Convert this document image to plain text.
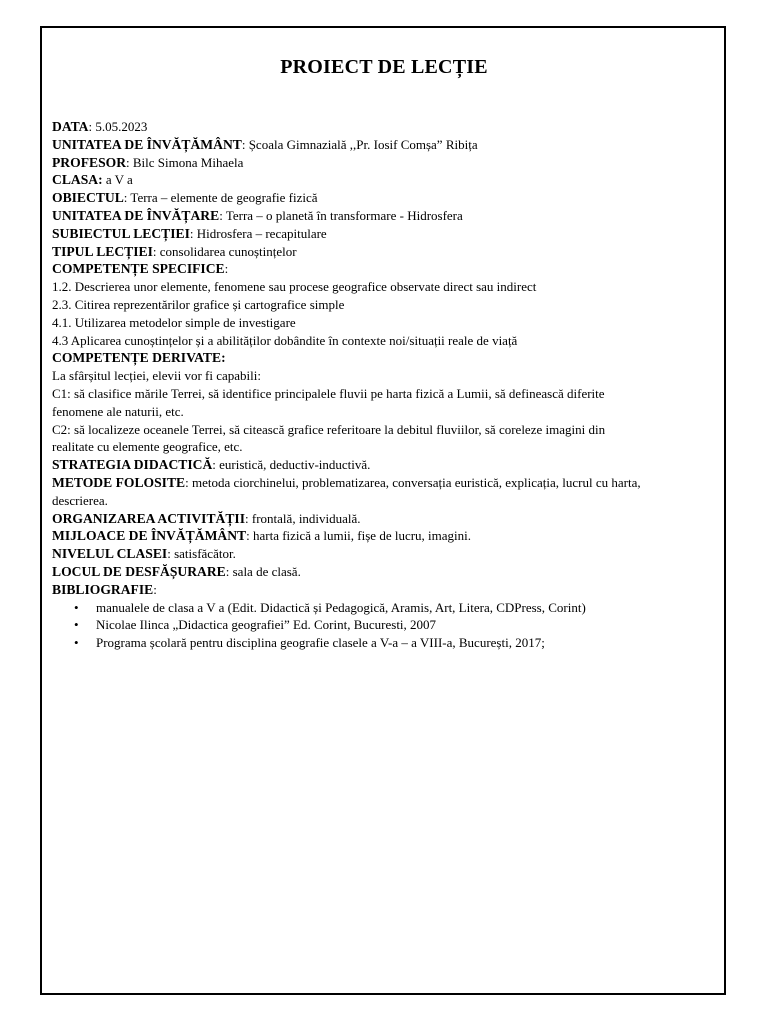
PROIECT DE LECȚIE
DATA: 5.05.2023
UNITATEA DE ÎNVĂȚĂMÂNT: Școala Gimnazială ,,Pr. Iosif Comșa” Ribița
PROFESOR: Bilc Simona Mihaela
CLASA: a V a
OBIECTUL: Terra – elemente de geografie fizică
UNITATEA DE ÎNVĂȚARE: Terra – o planetă în transformare - Hidrosfera
SUBIECTUL LECȚIEI: Hidrosfera – recapitulare
TIPUL LECȚIEI: consolidarea cunoștințelor
COMPETENȚE SPECIFICE:
1.2. Descrierea unor elemente, fenomene sau procese geografice observate direct sau indirect
2.3. Citirea reprezentărilor grafice și cartografice simple
4.1. Utilizarea metodelor simple de investigare
4.3 Aplicarea cunoștințelor și a abilităților dobândite în contexte noi/situații reale de viață
COMPETENȚE DERIVATE:
La sfârșitul lecției, elevii vor fi capabili:
C1: să clasifice mările Terrei, să identifice principalele fluvii pe harta fizică a Lumii, să definească diferite
fenomene ale naturii, etc.
C2: să localizeze oceanele Terrei, să citească grafice referitoare la debitul fluviilor, să coreleze imagini din
realitate cu elemente geografice, etc.
STRATEGIA DIDACTICĂ: euristică, deductiv-inductivă.
METODE FOLOSITE: metoda ciorchinelui, problematizarea, conversația euristică, explicația, lucrul cu harta,
descrierea.
ORGANIZAREA ACTIVITĂȚII: frontală, individuală.
MIJLOACE DE ÎNVĂȚĂMÂNT: harta fizică a lumii, fișe de lucru, imagini.
NIVELUL CLASEI: satisfăcător.
LOCUL DE DESFĂȘURARE: sala de clasă.
BIBLIOGRAFIE:
• manualele de clasa a V a (Edit. Didactică și Pedagogică, Aramis, Art, Litera, CDPress, Corint)
• Nicolae Ilinca „Didactica geografiei” Ed. Corint, Bucuresti, 2007
• Programa școlară pentru disciplina geografie clasele a V-a – a VIII-a, București, 2017;
